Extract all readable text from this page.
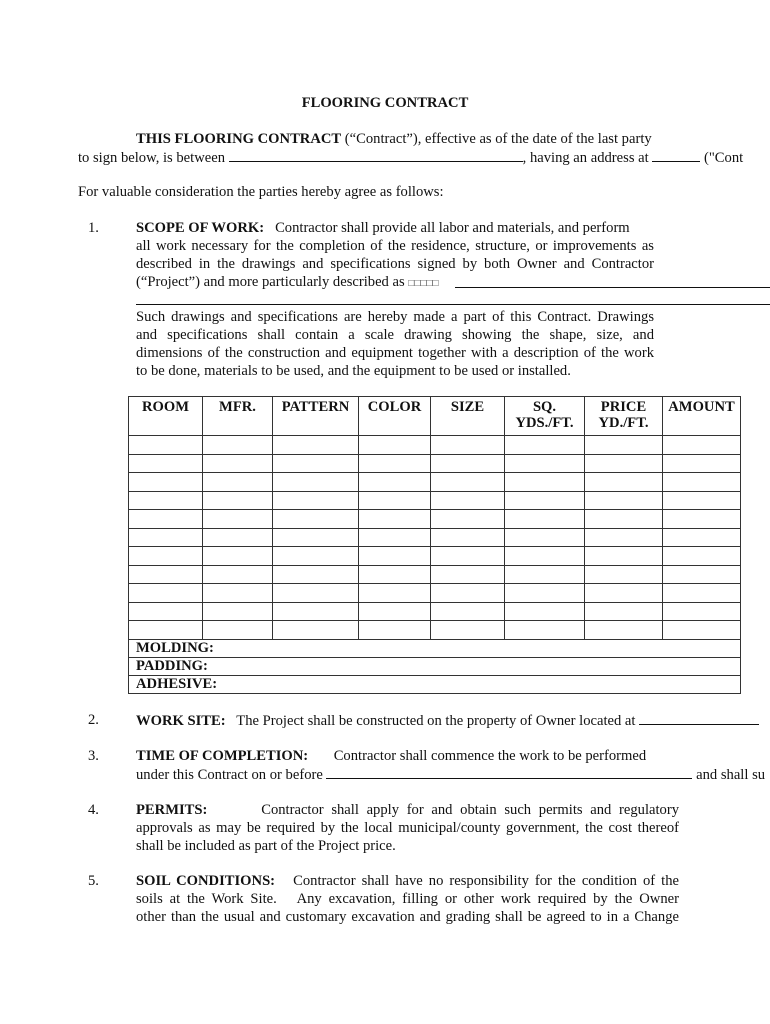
FLOORING CONTRACT
THIS FLOORING CONTRACT (“Contract”), effective as of the date of the last party
to sign below, is between	, having an address at	("Cont
For valuable consideration the parties hereby agree as follows:
1.	SCOPE OF WORK: Contractor shall provide all labor and materials, and perform
all work necessary for the completion of the residence, structure, or improvements as
described in the drawings and specifications signed by both Owner and Contractor
(“Project”) and more particularly described as □□□□□
Such drawings and specifications are hereby made a part of this Contract. Drawings
and specifications shall contain a scale drawing showing the shape, size, and
dimensions of the construction and equipment together with a description of the work
to be done, materials to be used, and the equipment to be used or installed.
ROOM	MFR.	PATTERN	COLOR	SIZE	SQ. YDS./FT.	PRICE YD./FT.	AMOUNT

MOLDING:							
PADDING:							
ADHESIVE:							
2.	WORK SITE: The Project shall be constructed on the property of Owner located at
3.	TIME OF COMPLETION: Contractor shall commence the work to be performed
under this Contract on or before	and shall su
4.	PERMITS:	Contractor shall apply for and obtain such permits and regulatory
approvals as may be required by the local municipal/county government, the cost thereof
shall be included as part of the Project price.
5.	SOIL CONDITIONS: Contractor shall have no responsibility for the condition of the
soils at the Work Site.   Any excavation, filling or other work required by the Owner
other than the usual and customary excavation and grading shall be agreed to in a Change
